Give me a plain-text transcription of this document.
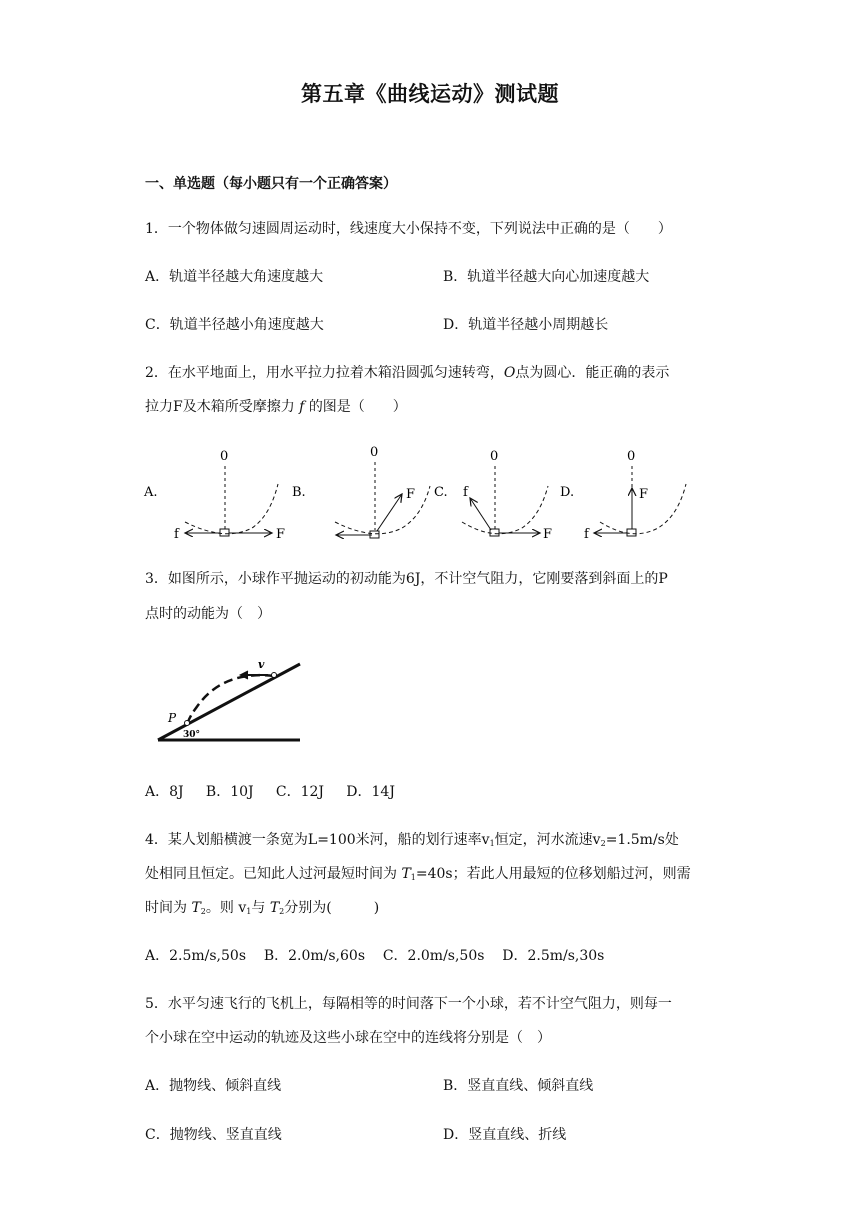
第五章《曲线运动》测试题
一、单选题（每小题只有一个正确答案）
1．一个物体做匀速圆周运动时，线速度大小保持不变，下列说法中正确的是（　　）
A．轨道半径越大角速度越大	B．轨道半径越大向心加速度越大
C．轨道半径越小角速度越大	D．轨道半径越小周期越长
2．在水平地面上，用水平拉力拉着木箱沿圆弧匀速转弯，O点为圆心．能正确的表示
拉力F及木箱所受摩擦力 f 的图是（　　）
A.
0
f	F
B.
0
F C.
0
f
F
D.
0
f
F
3．如图所示，小球作平抛运动的初动能为6J，不计空气阻力，它刚要落到斜面上的P
点时的动能为（　）
v
P
30°
A．8J B．10J C．12J D．14J
4．某人划船横渡一条宽为L=100米河，船的划行速率$v_1$恒定，河水流速$v_2=1.5m/s$处
处相同且恒定。已知此人过河最短时间为 $T_1=40s$；若此人用最短的位移划船过河，则需
时间为 $T_2$。则 $v_1$与 $T_2$分别为(　　　)
A．2.5m/s,50s B．2.0m/s,60s C．2.0m/s,50s D．2.5m/s,30s
5．水平匀速飞行的飞机上，每隔相等的时间落下一个小球，若不计空气阻力，则每一
个小球在空中运动的轨迹及这些小球在空中的连线将分别是（　）
A．抛物线、倾斜直线	B．竖直直线、倾斜直线
C．抛物线、竖直直线	D．竖直直线、折线
